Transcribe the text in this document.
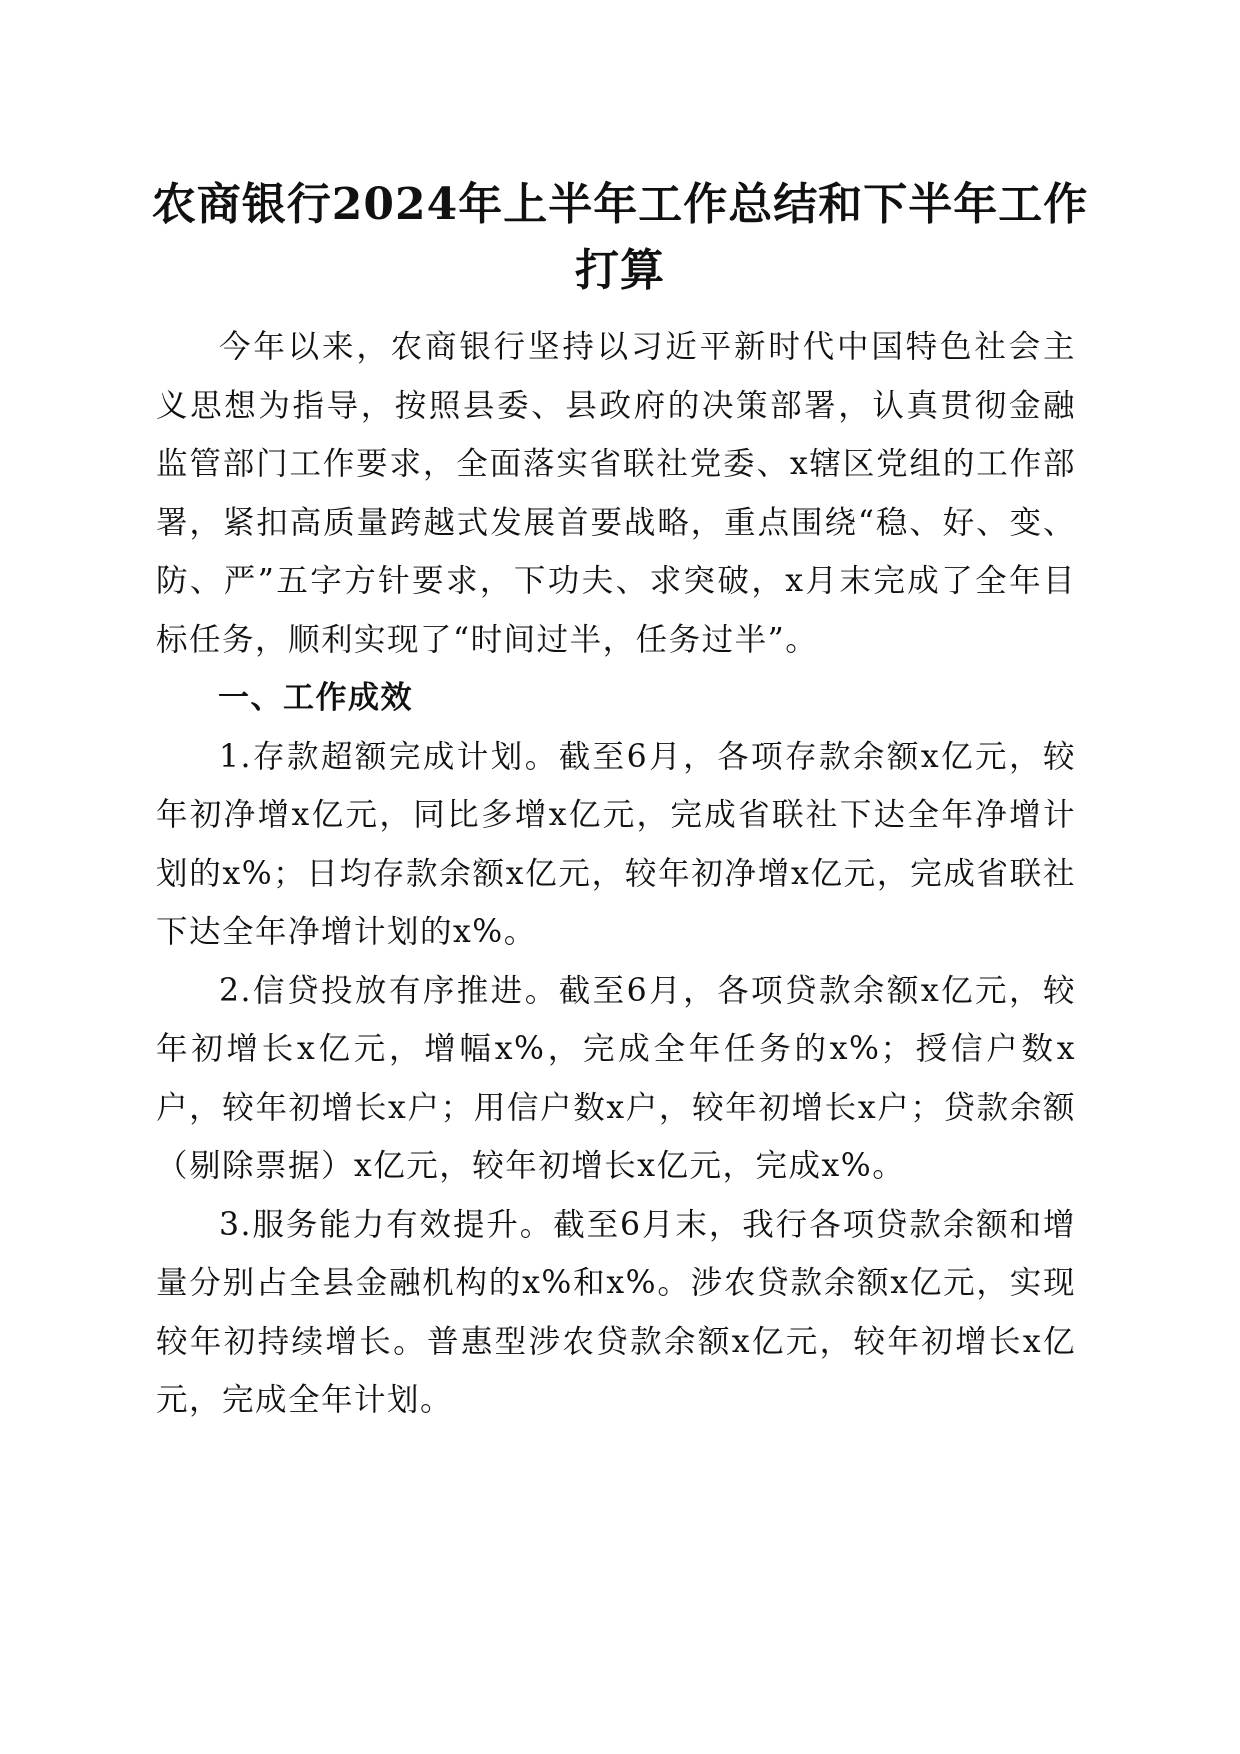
农商银行2024年上半年工作总结和下半年工作打算

今年以来，农商银行坚持以习近平新时代中国特色社会主义思想为指导，按照县委、县政府的决策部署，认真贯彻金融监管部门工作要求，全面落实省联社党委、x辖区党组的工作部署，紧扣高质量跨越式发展首要战略，重点围绕“稳、好、变、防、严”五字方针要求，下功夫、求突破，x月末完成了全年目标任务，顺利实现了“时间过半，任务过半”。

一、工作成效

1.存款超额完成计划。截至6月，各项存款余额x亿元，较年初净增x亿元，同比多增x亿元，完成省联社下达全年净增计划的x%；日均存款余额x亿元，较年初净增x亿元，完成省联社下达全年净增计划的x%。

2.信贷投放有序推进。截至6月，各项贷款余额x亿元，较年初增长x亿元，增幅x%，完成全年任务的x%；授信户数x户，较年初增长x户；用信户数x户，较年初增长x户；贷款余额（剔除票据）x亿元，较年初增长x亿元，完成x%。

3.服务能力有效提升。截至6月末，我行各项贷款余额和增量分别占全县金融机构的x%和x%。涉农贷款余额x亿元，实现较年初持续增长。普惠型涉农贷款余额x亿元，较年初增长x亿元，完成全年计划。
